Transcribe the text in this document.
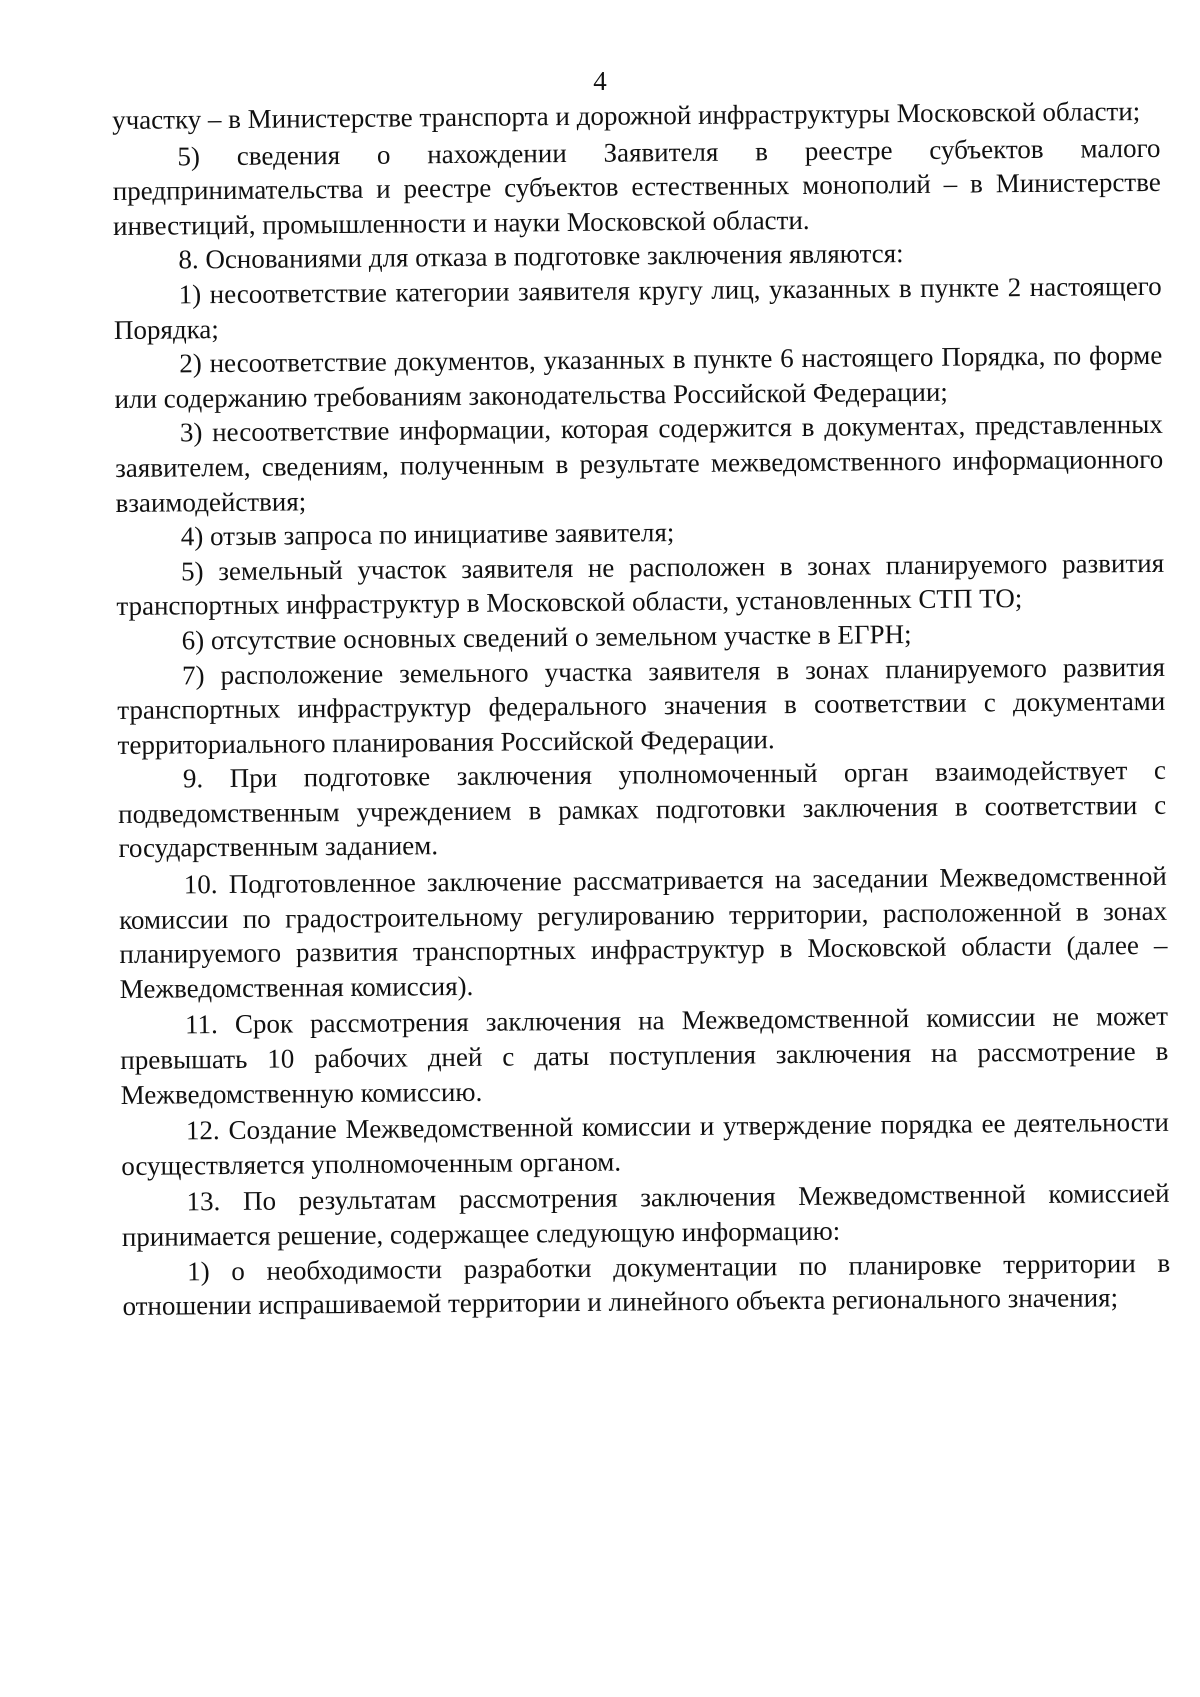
4

участку – в Министерстве транспорта и дорожной инфраструктуры Московской области;

5) сведения о нахождении Заявителя в реестре субъектов малого предпринимательства и реестре субъектов естественных монополий – в Министерстве инвестиций, промышленности и науки Московской области.

8. Основаниями для отказа в подготовке заключения являются:

1) несоответствие категории заявителя кругу лиц, указанных в пункте 2 настоящего Порядка;

2) несоответствие документов, указанных в пункте 6 настоящего Порядка, по форме или содержанию требованиям законодательства Российской Федерации;

3) несоответствие информации, которая содержится в документах, представленных заявителем, сведениям, полученным в результате межведомственного информационного взаимодействия;

4) отзыв запроса по инициативе заявителя;

5) земельный участок заявителя не расположен в зонах планируемого развития транспортных инфраструктур в Московской области, установленных СТП ТО;

6) отсутствие основных сведений о земельном участке в ЕГРН;

7) расположение земельного участка заявителя в зонах планируемого развития транспортных инфраструктур федерального значения в соответствии с документами территориального планирования Российской Федерации.

9. При подготовке заключения уполномоченный орган взаимодействует с подведомственным учреждением в рамках подготовки заключения в соответствии с государственным заданием.

10. Подготовленное заключение рассматривается на заседании Межведомственной комиссии по градостроительному регулированию территории, расположенной в зонах планируемого развития транспортных инфраструктур в Московской области (далее – Межведомственная комиссия).

11. Срок рассмотрения заключения на Межведомственной комиссии не может превышать 10 рабочих дней с даты поступления заключения на рассмотрение в Межведомственную комиссию.

12. Создание Межведомственной комиссии и утверждение порядка ее деятельности осуществляется уполномоченным органом.

13. По результатам рассмотрения заключения Межведомственной комиссией принимается решение, содержащее следующую информацию:

1) о необходимости разработки документации по планировке территории в отношении испрашиваемой территории и линейного объекта регионального значения;
